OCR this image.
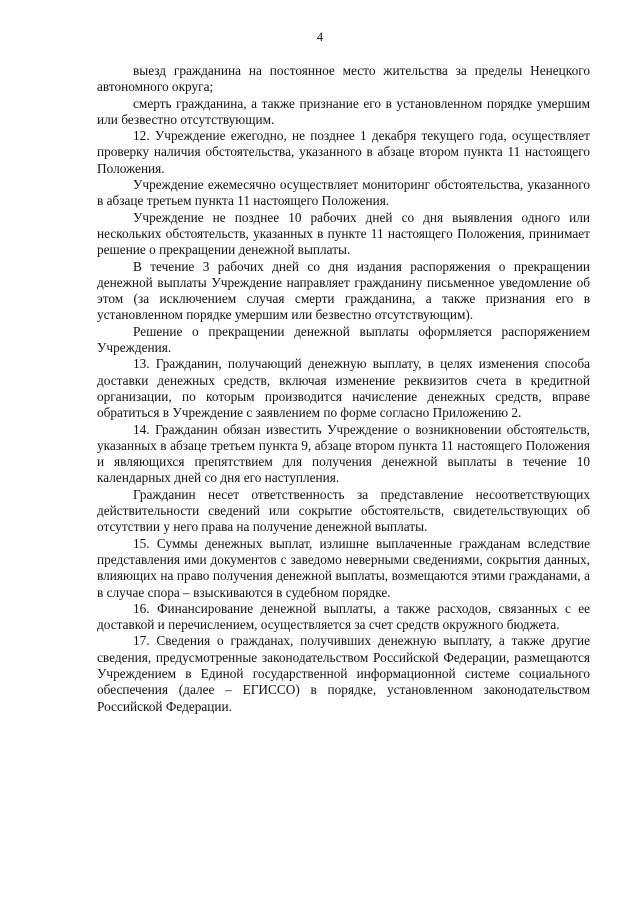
4

выезд гражданина на постоянное место жительства за пределы Ненецкого автономного округа;

смерть гражданина, а также признание его в установленном порядке умершим или безвестно отсутствующим.

12. Учреждение ежегодно, не позднее 1 декабря текущего года, осуществляет проверку наличия обстоятельства, указанного в абзаце втором пункта 11 настоящего Положения.

Учреждение ежемесячно осуществляет мониторинг обстоятельства, указанного в абзаце третьем пункта 11 настоящего Положения.

Учреждение не позднее 10 рабочих дней со дня выявления одного или нескольких обстоятельств, указанных в пункте 11 настоящего Положения, принимает решение о прекращении денежной выплаты.

В течение 3 рабочих дней со дня издания распоряжения о прекращении денежной выплаты Учреждение направляет гражданину письменное уведомление об этом (за исключением случая смерти гражданина, а также признания его в установленном порядке умершим или безвестно отсутствующим).

Решение о прекращении денежной выплаты оформляется распоряжением Учреждения.

13. Гражданин, получающий денежную выплату, в целях изменения способа доставки денежных средств, включая изменение реквизитов счета в кредитной организации, по которым производится начисление денежных средств, вправе обратиться в Учреждение с заявлением по форме согласно Приложению 2.

14. Гражданин обязан известить Учреждение о возникновении обстоятельств, указанных в абзаце третьем пункта 9, абзаце втором пункта 11 настоящего Положения и являющихся препятствием для получения денежной выплаты в течение 10 календарных дней со дня его наступления.

Гражданин несет ответственность за представление несоответствующих действительности сведений или сокрытие обстоятельств, свидетельствующих об отсутствии у него права на получение денежной выплаты.

15. Суммы денежных выплат, излишне выплаченные гражданам вследствие представления ими документов с заведомо неверными сведениями, сокрытия данных, влияющих на право получения денежной выплаты, возмещаются этими гражданами, а в случае спора – взыскиваются в судебном порядке.

16. Финансирование денежной выплаты, а также расходов, связанных с ее доставкой и перечислением, осуществляется за счет средств окружного бюджета.

17. Сведения о гражданах, получивших денежную выплату, а также другие сведения, предусмотренные законодательством Российской Федерации, размещаются Учреждением в Единой государственной информационной системе социального обеспечения (далее – ЕГИССО) в порядке, установленном законодательством Российской Федерации.
